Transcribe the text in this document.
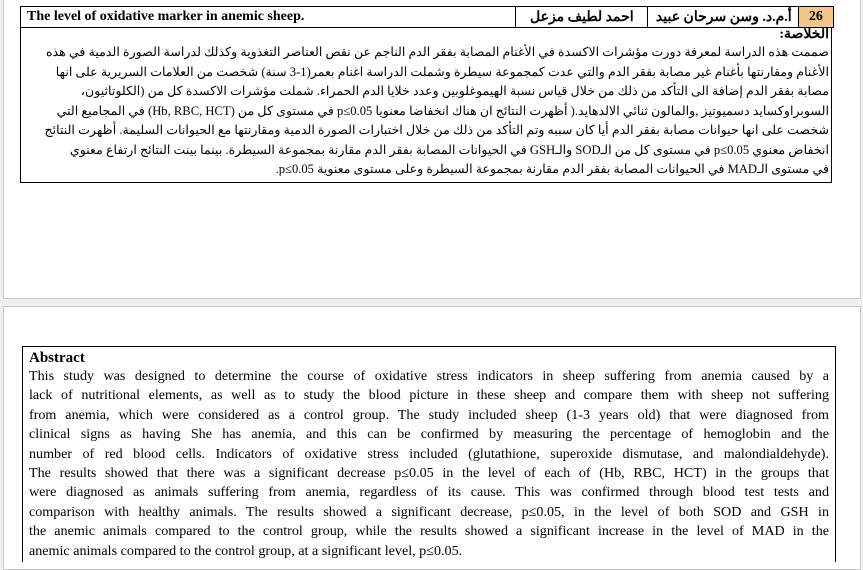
The level of oxidative marker in anemic sheep.	احمد لطيف مزعل	أ.م.د. وسن سرحان عبيد	26
الخلاصة:
صممت هذه الدراسة لمعرفة دورت مؤشرات الاكسدة في الأغنام المصابة بفقر الدم الناجم عن نقص العناصر التغذوية وكذلك لدراسة الصورة الدمية في هذه
الأغنام ومقارنتها بأغنام غير مصابة بفقر الدم والتي عدت كمجموعة سيطرة وشملت الدراسة اغنام بعمر(1-3 سنة) شخصت من العلامات السريرية على انها
مصابة بفقر الدم إضافة الى التأكد من ذلك من خلال قياس نسبة الهيموغلوبين وعدد خلايا الدم الحمراء. شملت مؤشرات الاكسدة كل من (الكلوتاثيون،
السوبراوكسايد دسميوتيز ,والمالون ثنائي الالدهايد.( أظهرت النتائج ان هناك انخفاضا معنويا p≤0.05 في مستوى كل من (Hb, RBC, HCT) في المجاميع التي
شخصت على انها حيوانات مصابة بفقر الدم أيا كان سببه وتم التأكد من ذلك من خلال اختبارات الصورة الدمية ومقارنتها مع الحيوانات السليمة. أظهرت النتائج
انخفاض معنوي p≤0.05 في مستوى كل من الـSOD والـGSH في الحيوانات المصابة بفقر الدم مقارنة بمجموعة السيطرة. بينما بينت النتائج ارتفاع معنوي
في مستوى الـMAD في الحيوانات المصابة بفقر الدم مقارنة بمجموعة السيطرة وعلى مستوى معنوية p≤0.05.
Abstract
This study was designed to determine the course of oxidative stress indicators in sheep suffering from anemia caused by a
lack of nutritional elements, as well as to study the blood picture in these sheep and compare them with sheep not suffering
from anemia, which were considered as a control group. The study included sheep (1-3 years old) that were diagnosed from
clinical signs as having She has anemia, and this can be confirmed by measuring the percentage of hemoglobin and the
number of red blood cells. Indicators of oxidative stress included (glutathione, superoxide dismutase, and malondialdehyde).
The results showed that there was a significant decrease p≤0.05 in the level of each of (Hb, RBC, HCT) in the groups that
were diagnosed as animals suffering from anemia, regardless of its cause. This was confirmed through blood test tests and
comparison with healthy animals. The results showed a significant decrease, p≤0.05, in the level of both SOD and GSH in
the anemic animals compared to the control group, while the results showed a significant increase in the level of MAD in the
anemic animals compared to the control group, at a significant level, p≤0.05.
